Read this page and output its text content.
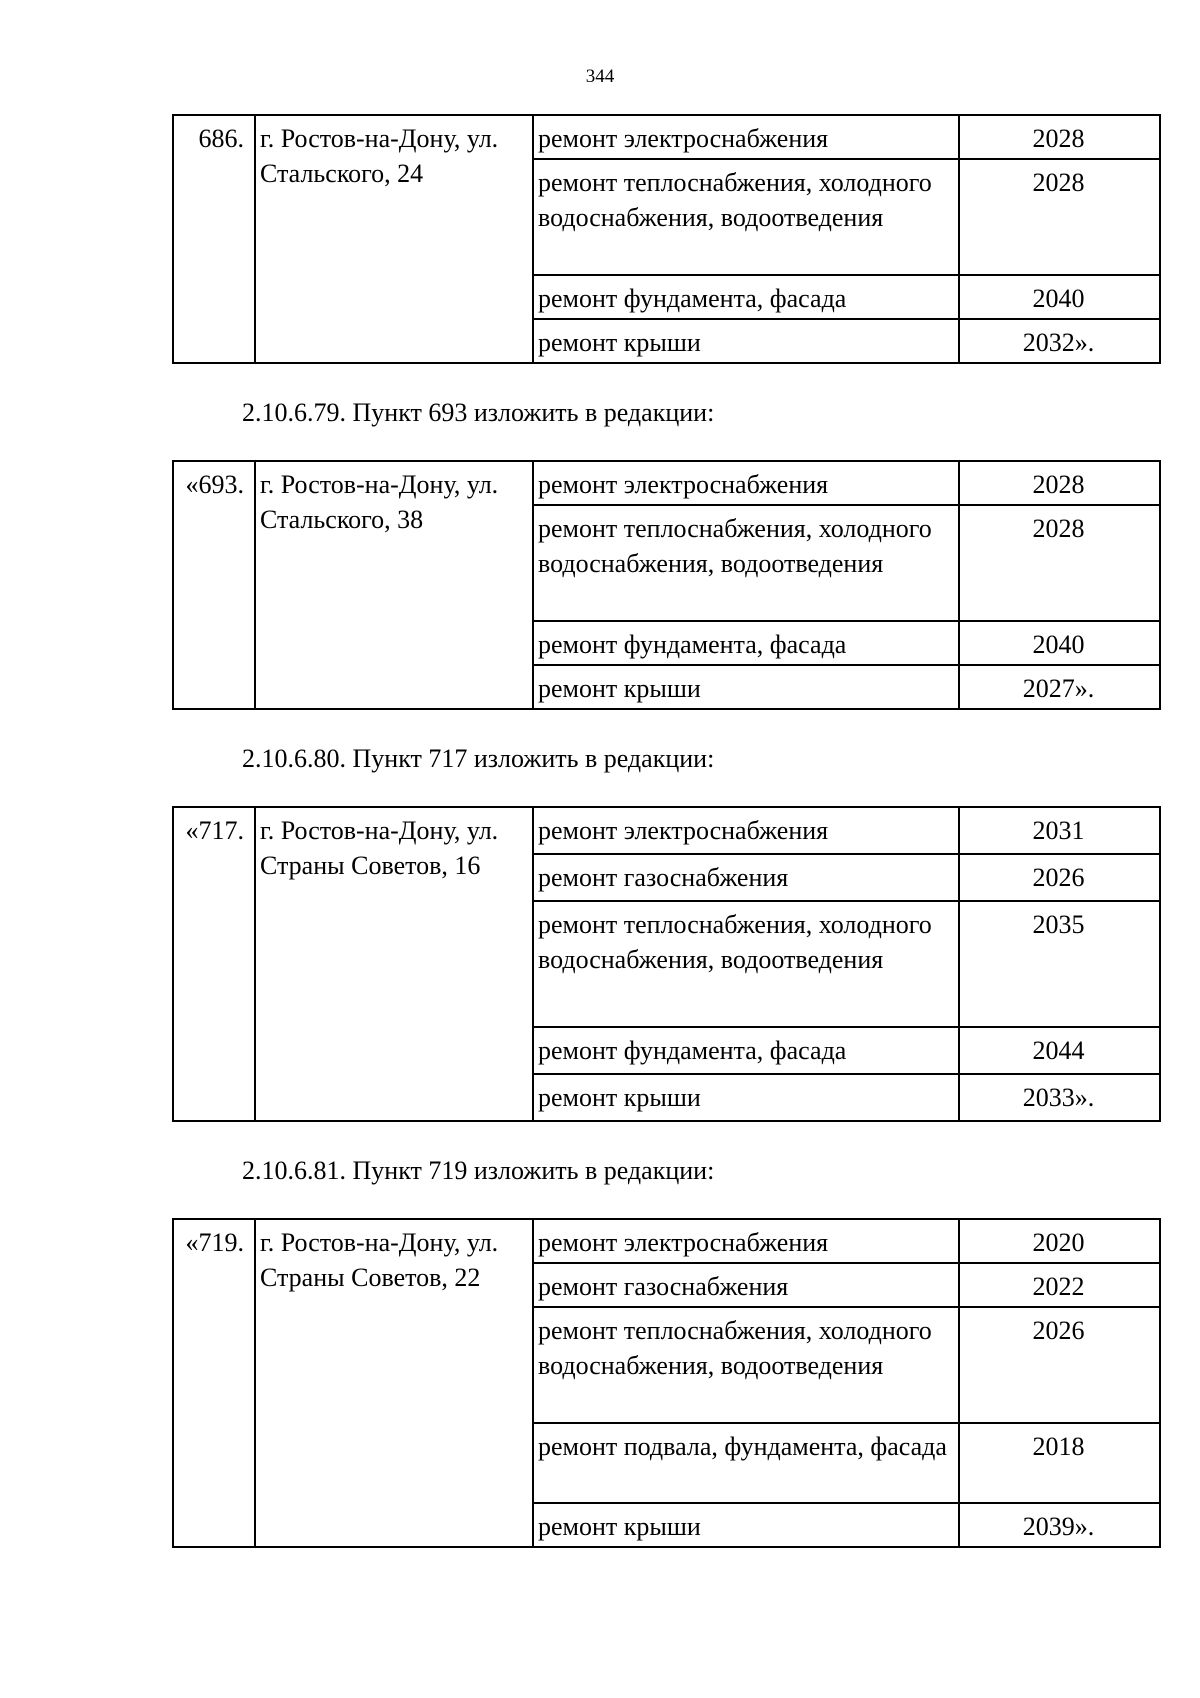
344
686.	г. Ростов-на-Дону, ул. Стальского, 24	ремонт электроснабжения	2028
		ремонт теплоснабжения, холодного водоснабжения, водоотведения	2028
		ремонт фундамента, фасада	2040
		ремонт крыши	2032».
2.10.6.79. Пункт 693 изложить в редакции:
«693.	г. Ростов-на-Дону, ул. Стальского, 38	ремонт электроснабжения	2028
		ремонт теплоснабжения, холодного водоснабжения, водоотведения	2028
		ремонт фундамента, фасада	2040
		ремонт крыши	2027».
2.10.6.80. Пункт 717 изложить в редакции:
«717.	г. Ростов-на-Дону, ул. Страны Советов, 16	ремонт электроснабжения	2031
		ремонт газоснабжения	2026
		ремонт теплоснабжения, холодного водоснабжения, водоотведения	2035
		ремонт фундамента, фасада	2044
		ремонт крыши	2033».
2.10.6.81. Пункт 719 изложить в редакции:
«719.	г. Ростов-на-Дону, ул. Страны Советов, 22	ремонт электроснабжения	2020
		ремонт газоснабжения	2022
		ремонт теплоснабжения, холодного водоснабжения, водоотведения	2026
		ремонт подвала, фундамента, фасада	2018
		ремонт крыши	2039».
